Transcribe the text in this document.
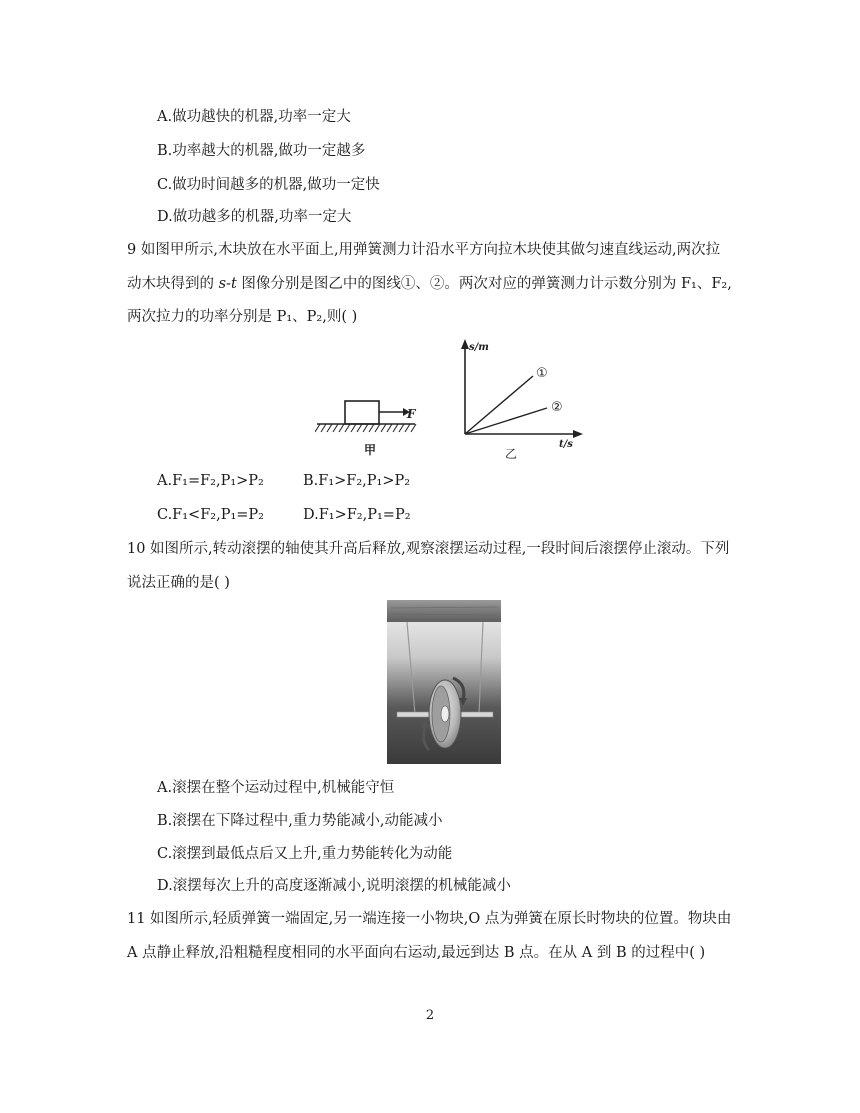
A.做功越快的机器,功率一定大
B.功率越大的机器,做功一定越多
C.做功时间越多的机器,做功一定快
D.做功越多的机器,功率一定大
9 如图甲所示,木块放在水平面上,用弹簧测力计沿水平方向拉木块使其做匀速直线运动,两次拉
动木块得到的 s-t 图像分别是图乙中的图线①、②。两次对应的弹簧测力计示数分别为 F₁、F₂,
两次拉力的功率分别是 P₁、P₂,则( )
F
甲
s/m
t/s
①
②
乙
A.F₁=F₂,P₁>P₂	B.F₁>F₂,P₁>P₂
C.F₁<F₂,P₁=P₂	D.F₁>F₂,P₁=P₂
10 如图所示,转动滚摆的轴使其升高后释放,观察滚摆运动过程,一段时间后滚摆停止滚动。下列
说法正确的是( )
A.滚摆在整个运动过程中,机械能守恒
B.滚摆在下降过程中,重力势能减小,动能减小
C.滚摆到最低点后又上升,重力势能转化为动能
D.滚摆每次上升的高度逐渐减小,说明滚摆的机械能减小
11 如图所示,轻质弹簧一端固定,另一端连接一小物块,O 点为弹簧在原长时物块的位置。物块由
A 点静止释放,沿粗糙程度相同的水平面向右运动,最远到达 B 点。在从 A 到 B 的过程中( )
2
